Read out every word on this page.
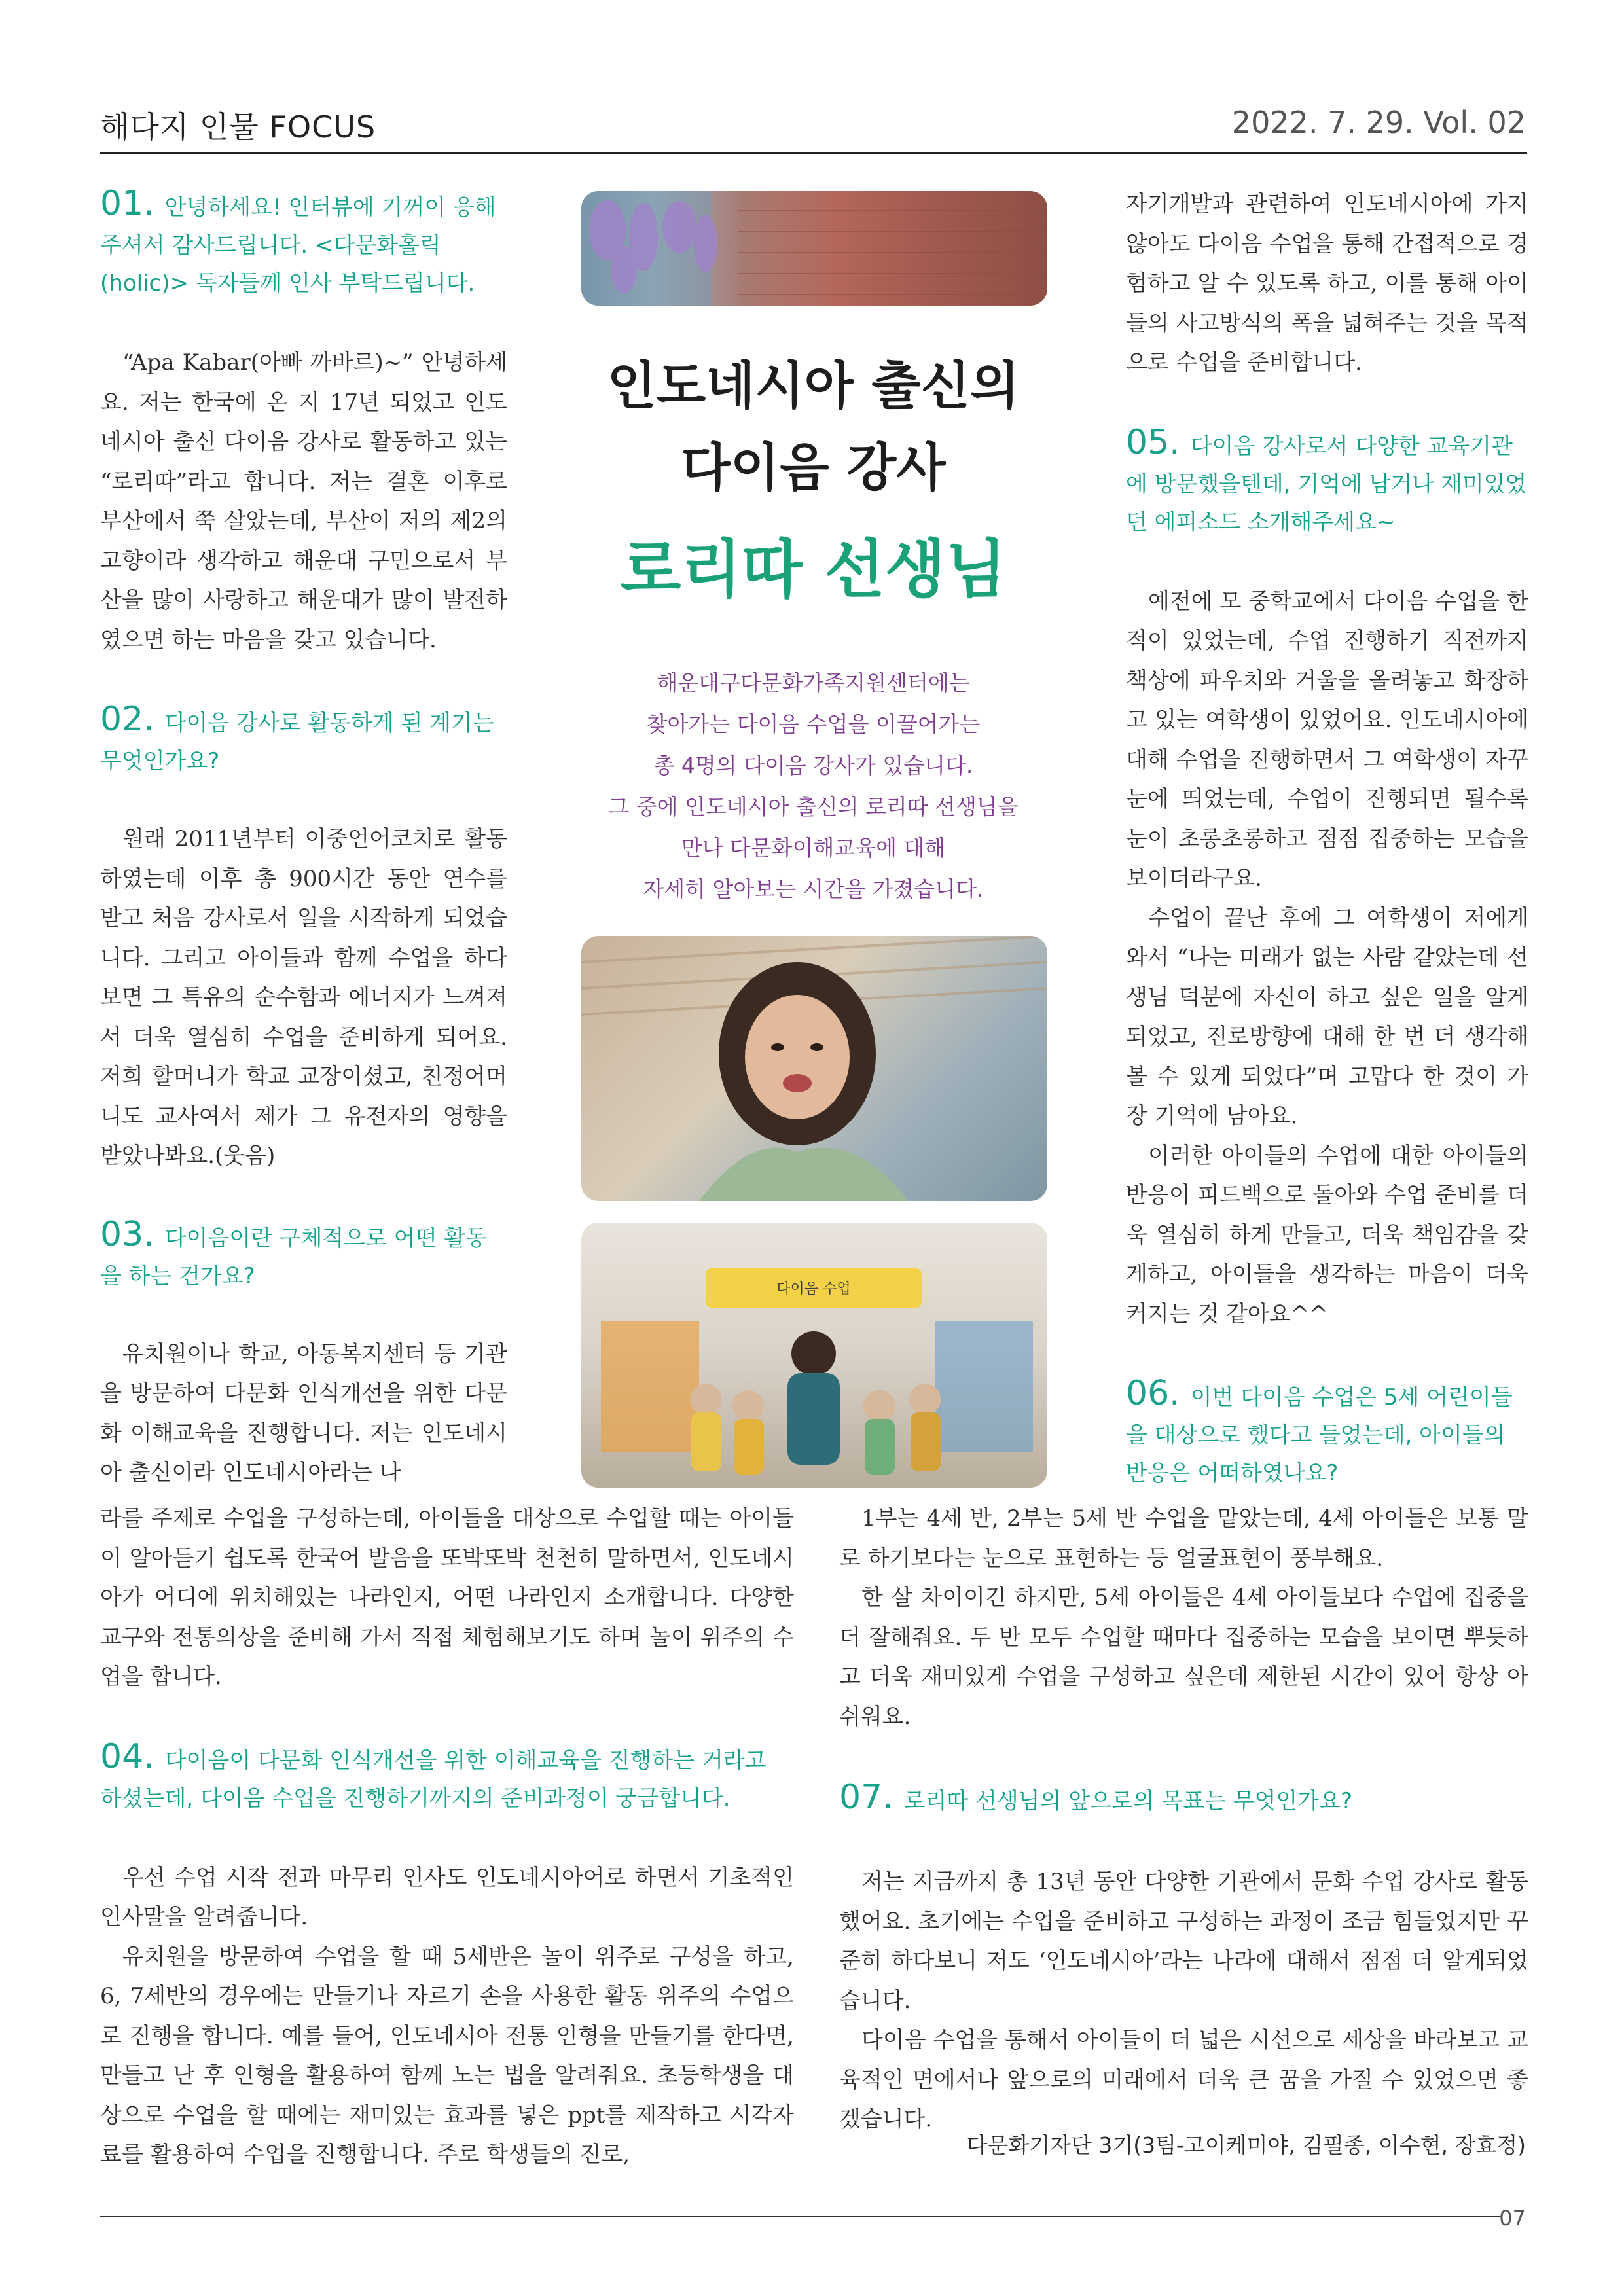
해다지 인물 FOCUS	2022. 7. 29. Vol. 02
01. 안녕하세요! 인터뷰에 기꺼이 응해 주셔서 감사드립니다. <다문화홀릭(holic)> 독자들께 인사 부탁드립니다.

“Apa Kabar(아빠 까바르)~” 안녕하세요. 저는 한국에 온 지 17년 되었고 인도네시아 출신 다이음 강사로 활동하고 있는 “로리따”라고 합니다. 저는 결혼 이후로 부산에서 쭉 살았는데, 부산이 저의 제2의 고향이라 생각하고 해운대 구민으로서 부산을 많이 사랑하고 해운대가 많이 발전하였으면 하는 마음을 갖고 있습니다.

02. 다이음 강사로 활동하게 된 계기는 무엇인가요?

원래 2011년부터 이중언어코치로 활동하였는데 이후 총 900시간 동안 연수를 받고 처음 강사로서 일을 시작하게 되었습니다. 그리고 아이들과 함께 수업을 하다 보면 그 특유의 순수함과 에너지가 느껴져서 더욱 열심히 수업을 준비하게 되어요. 저희 할머니가 학교 교장이셨고, 친정어머니도 교사여서 제가 그 유전자의 영향을 받았나봐요.(웃음)

03. 다이음이란 구체적으로 어떤 활동을 하는 건가요?

유치원이나 학교, 아동복지센터 등 기관을 방문하여 다문화 인식개선을 위한 다문화 이해교육을 진행합니다. 저는 인도네시아 출신이라 인도네시아라는 나

라를 주제로 수업을 구성하는데, 아이들을 대상으로 수업할 때는 아이들이 알아듣기 쉽도록 한국어 발음을 또박또박 천천히 말하면서, 인도네시아가 어디에 위치해있는 나라인지, 어떤 나라인지 소개합니다. 다양한 교구와 전통의상을 준비해 가서 직접 체험해보기도 하며 놀이 위주의 수업을 합니다.

04. 다이음이 다문화 인식개선을 위한 이해교육을 진행하는 거라고 하셨는데, 다이음 수업을 진행하기까지의 준비과정이 궁금합니다.

우선 수업 시작 전과 마무리 인사도 인도네시아어로 하면서 기초적인 인사말을 알려줍니다.

유치원을 방문하여 수업을 할 때 5세반은 놀이 위주로 구성을 하고, 6, 7세반의 경우에는 만들기나 자르기 손을 사용한 활동 위주의 수업으로 진행을 합니다. 예를 들어, 인도네시아 전통 인형을 만들기를 한다면, 만들고 난 후 인형을 활용하여 함께 노는 법을 알려줘요. 초등학생을 대상으로 수업을 할 때에는 재미있는 효과를 넣은 ppt를 제작하고 시각자료를 활용하여 수업을 진행합니다. 주로 학생들의 진로,

인도네시아 출신의
다이음 강사
로리따 선생님
해운대구다문화가족지원센터에는
찾아가는 다이음 수업을 이끌어가는
총 4명의 다이음 강사가 있습니다.
그 중에 인도네시아 출신의 로리따 선생님을
만나 다문화이해교육에 대해
자세히 알아보는 시간을 가졌습니다.
다이음 수업

자기개발과 관련하여 인도네시아에 가지 않아도 다이음 수업을 통해 간접적으로 경험하고 알 수 있도록 하고, 이를 통해 아이들의 사고방식의 폭을 넓혀주는 것을 목적으로 수업을 준비합니다.

05. 다이음 강사로서 다양한 교육기관에 방문했을텐데, 기억에 남거나 재미있었던 에피소드 소개해주세요~

예전에 모 중학교에서 다이음 수업을 한 적이 있었는데, 수업 진행하기 직전까지 책상에 파우치와 거울을 올려놓고 화장하고 있는 여학생이 있었어요. 인도네시아에 대해 수업을 진행하면서 그 여학생이 자꾸 눈에 띄었는데, 수업이 진행되면 될수록 눈이 초롱초롱하고 점점 집중하는 모습을 보이더라구요.

수업이 끝난 후에 그 여학생이 저에게 와서 “나는 미래가 없는 사람 같았는데 선생님 덕분에 자신이 하고 싶은 일을 알게 되었고, 진로방향에 대해 한 번 더 생각해볼 수 있게 되었다”며 고맙다 한 것이 가장 기억에 남아요.

이러한 아이들의 수업에 대한 아이들의 반응이 피드백으로 돌아와 수업 준비를 더욱 열심히 하게 만들고, 더욱 책임감을 갖게하고, 아이들을 생각하는 마음이 더욱 커지는 것 같아요^^

06. 이번 다이음 수업은 5세 어린이들을 대상으로 했다고 들었는데, 아이들의 반응은 어떠하였나요?

1부는 4세 반, 2부는 5세 반 수업을 맡았는데, 4세 아이들은 보통 말로 하기보다는 눈으로 표현하는 등 얼굴표현이 풍부해요.

한 살 차이이긴 하지만, 5세 아이들은 4세 아이들보다 수업에 집중을 더 잘해줘요. 두 반 모두 수업할 때마다 집중하는 모습을 보이면 뿌듯하고 더욱 재미있게 수업을 구성하고 싶은데 제한된 시간이 있어 항상 아쉬워요.

07. 로리따 선생님의 앞으로의 목표는 무엇인가요?

저는 지금까지 총 13년 동안 다양한 기관에서 문화 수업 강사로 활동했어요. 초기에는 수업을 준비하고 구성하는 과정이 조금 힘들었지만 꾸준히 하다보니 저도 ‘인도네시아’라는 나라에 대해서 점점 더 알게되었습니다.

다이음 수업을 통해서 아이들이 더 넓은 시선으로 세상을 바라보고 교육적인 면에서나 앞으로의 미래에서 더욱 큰 꿈을 가질 수 있었으면 좋겠습니다.

다문화기자단 3기(3팀-고이케미야, 김필종, 이수현, 장효정)
07
